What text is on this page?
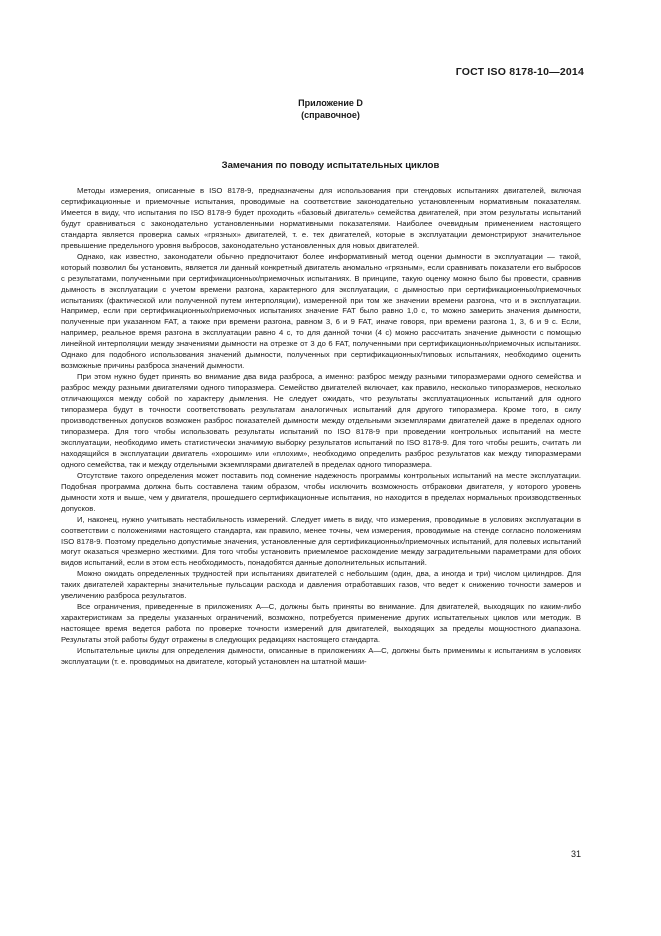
ГОСТ ISO 8178-10—2014
Приложение D
(справочное)
Замечания по поводу испытательных циклов

Методы измерения, описанные в ISO 8178-9, предназначены для использования при стендовых испытаниях двигателей, включая сертификационные и приемочные испытания, проводимые на соответствие законодательно установленным нормативным показателям. Имеется в виду, что испытания по ISO 8178-9 будет проходить «базовый двигатель» семейства двигателей, при этом результаты испытаний будут сравниваться с законодательно установленными нормативными показателями. Наиболее очевидным применением настоящего стандарта является проверка самых «грязных» двигателей, т. е. тех двигателей, которые в эксплуатации демонстрируют значительное превышение предельного уровня выбросов, законодательно установленных для новых двигателей.

Однако, как известно, законодатели обычно предпочитают более информативный метод оценки дымности в эксплуатации — такой, который позволил бы установить, является ли данный конкретный двигатель аномально «грязным», если сравнивать показатели его выбросов с результатами, полученными при сертификационных/приемочных испытаниях. В принципе, такую оценку можно было бы провести, сравнив дымность в эксплуатации с учетом времени разгона, характерного для эксплуатации, с дымностью при сертификационных/приемочных испытаниях (фактической или полученной путем интерполяции), измеренной при том же значении времени разгона, что и в эксплуатации. Например, если при сертификационных/приемочных испытаниях значение FAT было равно 1,0 с, то можно замерить значения дымности, полученные при указанном FAT, а также при времени разгона, равном 3, 6 и 9 FAT, иначе говоря, при времени разгона 1, 3, 6 и 9 с. Если, например, реальное время разгона в эксплуатации равно 4 с, то для данной точки (4 с) можно рассчитать значение дымности с помощью линейной интерполяции между значениями дымности на отрезке от 3 до 6 FAT, полученными при сертификационных/приемочных испытаниях. Однако для подобного использования значений дымности, полученных при сертификационных/типовых испытаниях, необходимо оценить возможные причины разброса значений дымности.

При этом нужно будет принять во внимание два вида разброса, а именно: разброс между разными типоразмерами одного семейства и разброс между разными двигателями одного типоразмера. Семейство двигателей включает, как правило, несколько типоразмеров, несколько отличающихся между собой по характеру дымления. Не следует ожидать, что результаты эксплуатационных испытаний для одного типоразмера будут в точности соответствовать результатам аналогичных испытаний для другого типоразмера. Кроме того, в силу производственных допусков возможен разброс показателей дымности между отдельными экземплярами двигателей даже в пределах одного типоразмера. Для того чтобы использовать результаты испытаний по ISO 8178-9 при проведении контрольных испытаний на месте эксплуатации, необходимо иметь статистически значимую выборку результатов испытаний по ISO 8178-9. Для того чтобы решить, считать ли находящийся в эксплуатации двигатель «хорошим» или «плохим», необходимо определить разброс результатов как между типоразмерами одного семейства, так и между отдельными экземплярами двигателей в пределах одного типоразмера.

Отсутствие такого определения может поставить под сомнение надежность программы контрольных испытаний на месте эксплуатации. Подобная программа должна быть составлена таким образом, чтобы исключить возможность отбраковки двигателя, у которого уровень дымности хотя и выше, чем у двигателя, прошедшего сертификационные испытания, но находится в пределах нормальных производственных допусков.

И, наконец, нужно учитывать нестабильность измерений. Следует иметь в виду, что измерения, проводимые в условиях эксплуатации в соответствии с положениями настоящего стандарта, как правило, менее точны, чем измерения, проводимые на стенде согласно положениям ISO 8178-9. Поэтому предельно допустимые значения, установленные для сертификационных/приемочных испытаний, для полевых испытаний могут оказаться чрезмерно жесткими. Для того чтобы установить приемлемое расхождение между заградительными параметрами для обоих видов испытаний, если в этом есть необходимость, понадобятся данные дополнительных испытаний.

Можно ожидать определенных трудностей при испытаниях двигателей с небольшим (один, два, а иногда и три) числом цилиндров. Для таких двигателей характерны значительные пульсации расхода и давления отработавших газов, что ведет к снижению точности замеров и увеличению разброса результатов.

Все ограничения, приведенные в приложениях A—C, должны быть приняты во внимание. Для двигателей, выходящих по каким-либо характеристикам за пределы указанных ограничений, возможно, потребуется применение других испытательных циклов или методик. В настоящее время ведется работа по проверке точности измерений для двигателей, выходящих за пределы мощностного диапазона. Результаты этой работы будут отражены в следующих редакциях настоящего стандарта.

Испытательные циклы для определения дымности, описанные в приложениях A—C, должны быть применимы к испытаниям в условиях эксплуатации (т. е. проводимых на двигателе, который установлен на штатной маши-

31
